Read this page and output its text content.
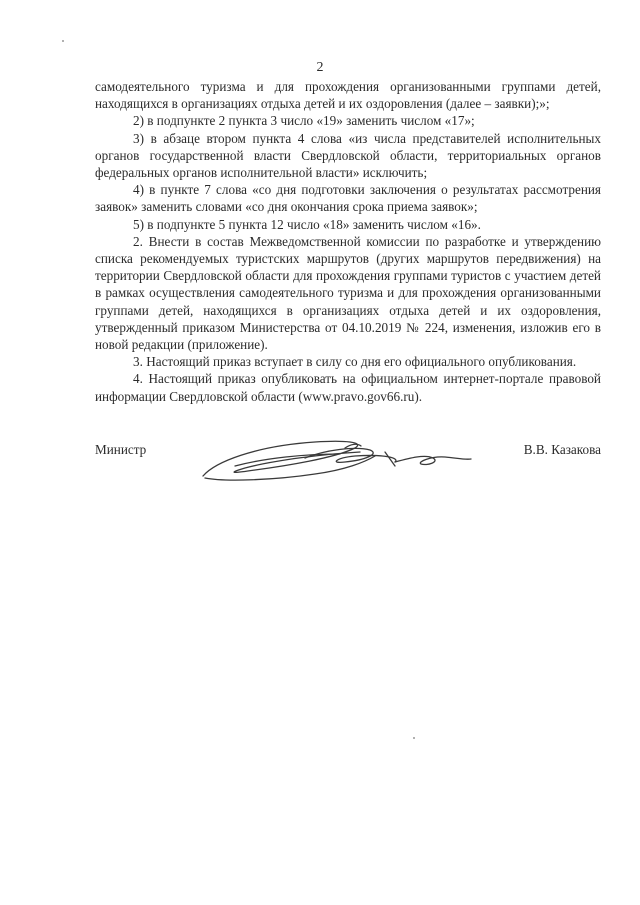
2

самодеятельного туризма и для прохождения организованными группами детей, находящихся в организациях отдыха детей и их оздоровления (далее – заявки);»;

2) в подпункте 2 пункта 3 число «19» заменить числом «17»;

3) в абзаце втором пункта 4 слова «из числа представителей исполнительных органов государственной власти Свердловской области, территориальных органов федеральных органов исполнительной власти» исключить;

4) в пункте 7 слова «со дня подготовки заключения о результатах рассмотрения заявок» заменить словами «со дня окончания срока приема заявок»;

5) в подпункте 5 пункта 12 число «18» заменить числом «16».

2. Внести в состав Межведомственной комиссии по разработке и утверждению списка рекомендуемых туристских маршрутов (других маршрутов передвижения) на территории Свердловской области для прохождения группами туристов с участием детей в рамках осуществления самодеятельного туризма и для прохождения организованными группами детей, находящихся в организациях отдыха детей и их оздоровления, утвержденный приказом Министерства от 04.10.2019 № 224, изменения, изложив его в новой редакции (приложение).

3. Настоящий приказ вступает в силу со дня его официального опубликования.

4. Настоящий приказ опубликовать на официальном интернет-портале правовой информации Свердловской области (www.pravo.gov66.ru).

Министр	В.В. Казакова
